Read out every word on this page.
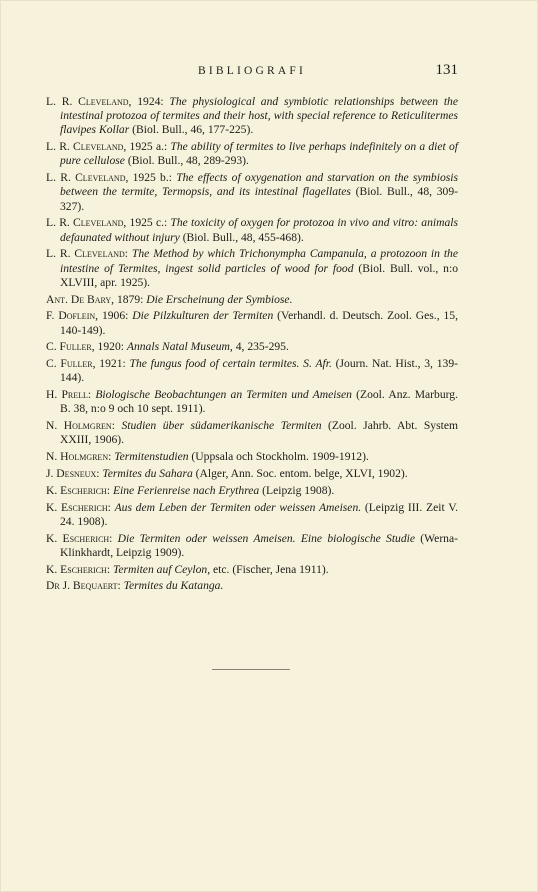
BIBLIOGRAFI	131

L. R. Cleveland, 1924: The physiological and symbiotic relationships between the intestinal protozoa of termites and their host, with special reference to Reticulitermes flavipes Kollar (Biol. Bull., 46, 177-225).

L. R. Cleveland, 1925 a.: The ability of termites to live perhaps indefinitely on a diet of pure cellulose (Biol. Bull., 48, 289-293).

L. R. Cleveland, 1925 b.: The effects of oxygenation and starvation on the symbiosis between the termite, Termopsis, and its intestinal flagellates (Biol. Bull., 48, 309-327).

L. R. Cleveland, 1925 c.: The toxicity of oxygen for protozoa in vivo and vitro: animals defaunated without injury (Biol. Bull., 48, 455-468).

L. R. Cleveland: The Method by which Trichonympha Campanula, a protozoon in the intestine of Termites, ingest solid particles of wood for food (Biol. Bull. vol., n:o XLVIII, apr. 1925).

Ant. De Bary, 1879: Die Erscheinung der Symbiose.

F. Doflein, 1906: Die Pilzkulturen der Termiten (Verhandl. d. Deutsch. Zool. Ges., 15, 140-149).

C. Fuller, 1920: Annals Natal Museum, 4, 235-295.

C. Fuller, 1921: The fungus food of certain termites. S. Afr. (Journ. Nat. Hist., 3, 139-144).

H. Prell: Biologische Beobachtungen an Termiten und Ameisen (Zool. Anz. Marburg. B. 38, n:o 9 och 10 sept. 1911).

N. Holmgren: Studien über südamerikanische Termiten (Zool. Jahrb. Abt. System XXIII, 1906).

N. Holmgren: Termitenstudien (Uppsala och Stockholm. 1909-1912).

J. Desneux: Termites du Sahara (Alger, Ann. Soc. entom. belge, XLVI, 1902).

K. Escherich: Eine Ferienreise nach Erythrea (Leipzig 1908).

K. Escherich: Aus dem Leben der Termiten oder weissen Ameisen. (Leipzig III. Zeit V. 24. 1908).

K. Escherich: Die Termiten oder weissen Ameisen. Eine biologische Studie (Werna-Klinkhardt, Leipzig 1909).

K. Escherich: Termiten auf Ceylon, etc. (Fischer, Jena 1911).

Dr J. Bequaert: Termites du Katanga.
